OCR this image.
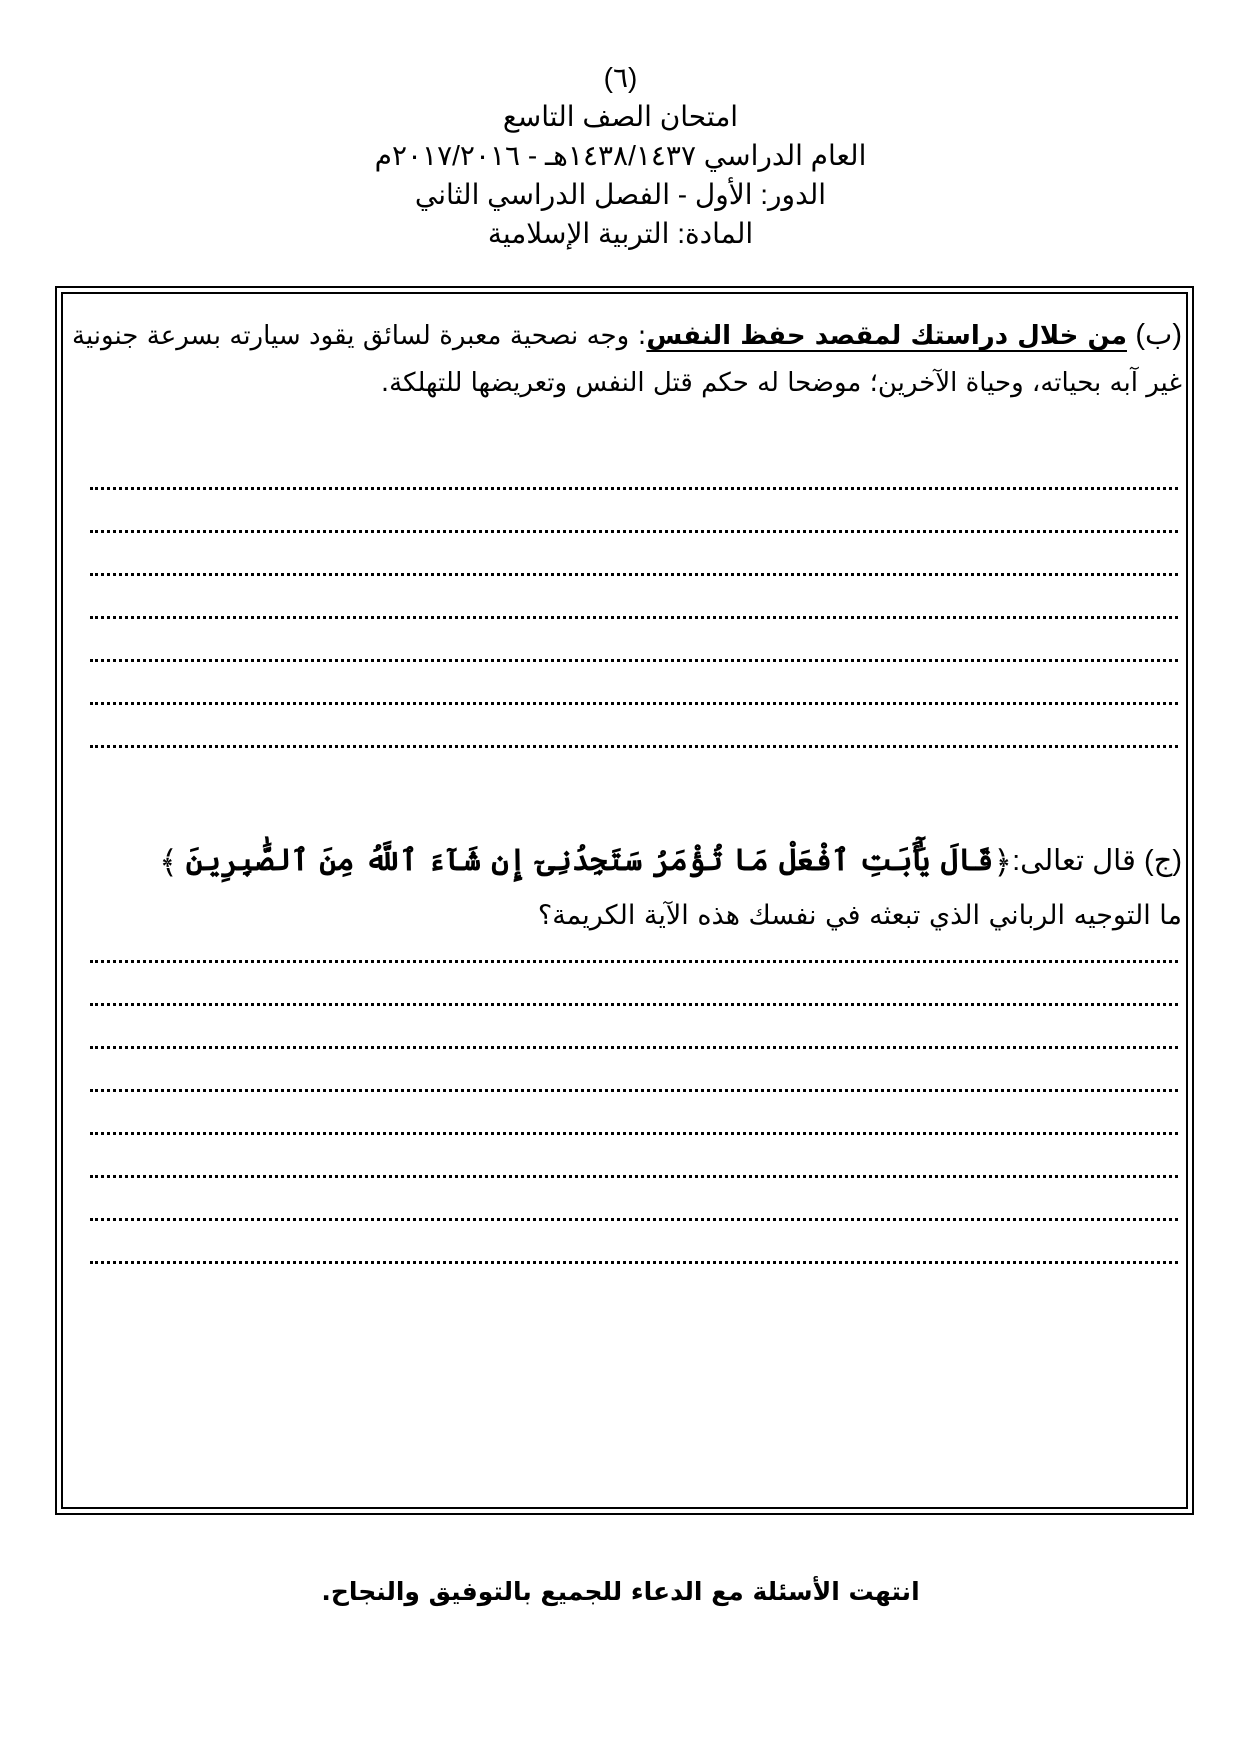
(٦)
امتحان الصف التاسع
العام الدراسي ١٤٣٨/١٤٣٧هـ - ٢٠١٧/٢٠١٦م
الدور: الأول - الفصل الدراسي الثاني
المادة: التربية الإسلامية
(ب) من خلال دراستك لمقصد حفظ النفس: وجه نصحية معبرة لسائق يقود سيارته بسرعة جنونية غير آبه بحياته، وحياة الآخرين؛ موضحا له حكم قتل النفس وتعريضها للتهلكة.
(ج) قال تعالى:﴿قَالَ يَٰٓأَبَتِ ٱفْعَلْ مَا تُؤْمَرُ سَتَجِدُنِىٓ إِن شَآءَ ٱللَّهُ مِنَ ٱلصَّٰبِرِينَ ﴾
ما التوجيه الرباني الذي تبعثه في نفسك هذه الآية الكريمة؟
انتهت الأسئلة مع الدعاء للجميع بالتوفيق والنجاح.
